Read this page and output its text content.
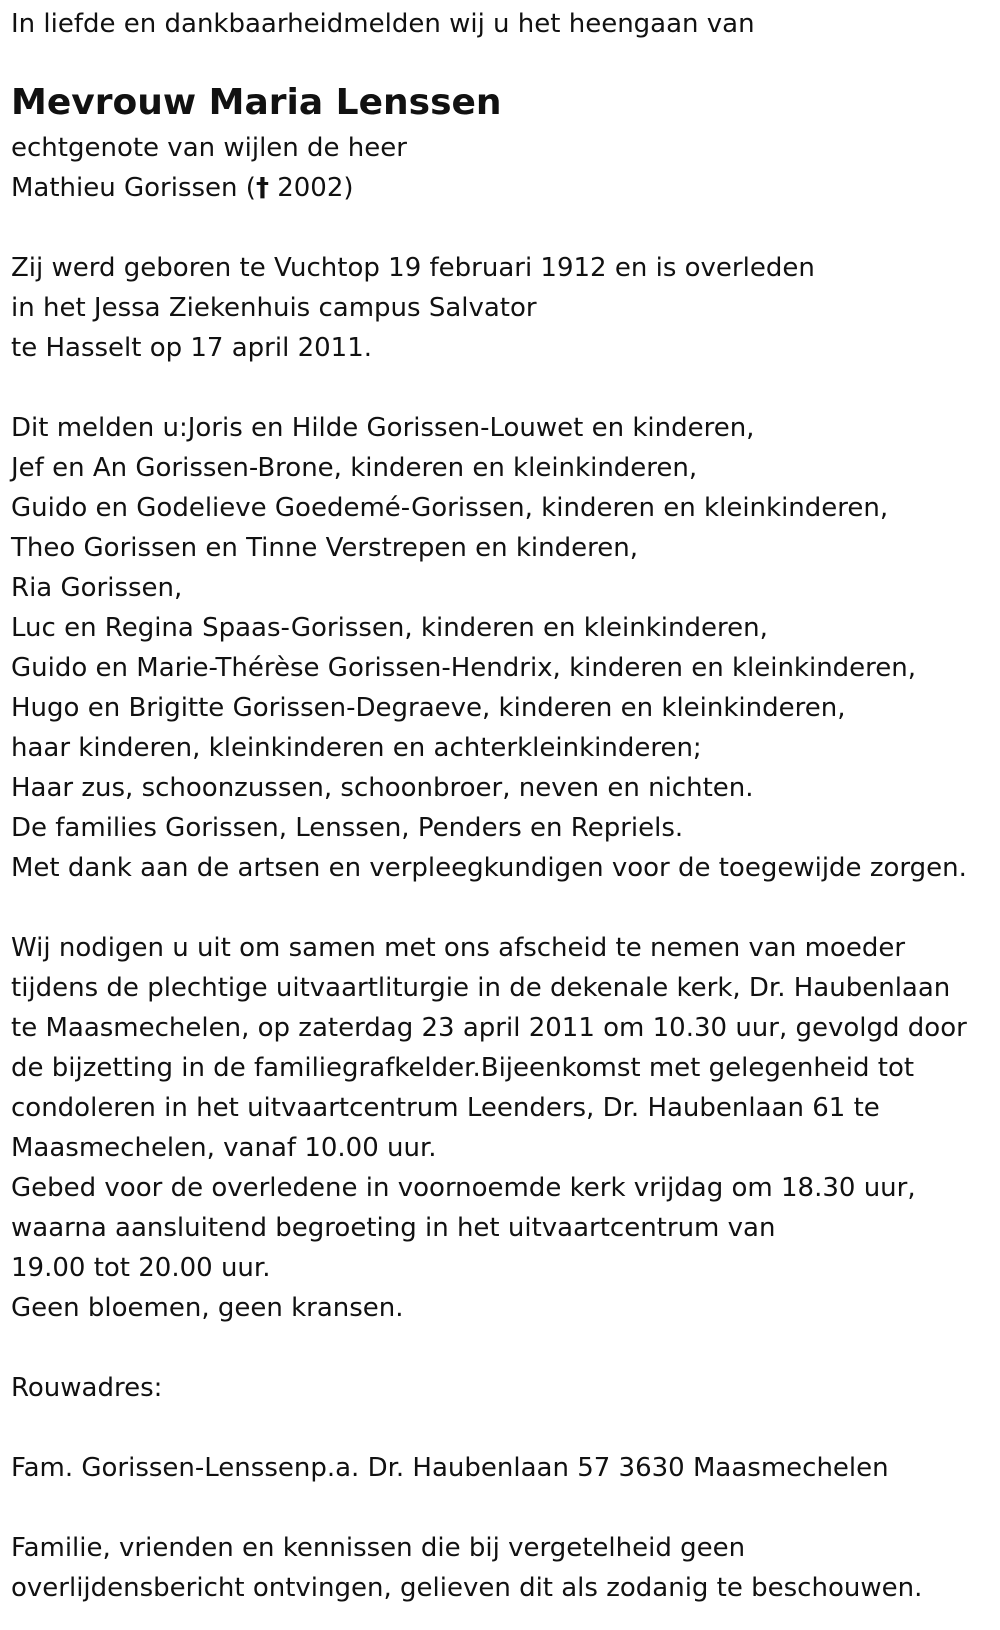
In liefde en dankbaarheidmelden wij u het heengaan van
Mevrouw Maria Lenssen
echtgenote van wijlen de heer
Mathieu Gorissen († 2002)
Zij werd geboren te Vuchtop 19 februari 1912 en is overleden
in het Jessa Ziekenhuis campus Salvator
te Hasselt op 17 april 2011.
Dit melden u:Joris en Hilde Gorissen-Louwet en kinderen,
Jef en An Gorissen-Brone, kinderen en kleinkinderen,
Guido en Godelieve Goedemé-Gorissen, kinderen en kleinkinderen,
Theo Gorissen en Tinne Verstrepen en kinderen,
Ria Gorissen,
Luc en Regina Spaas-Gorissen, kinderen en kleinkinderen,
Guido en Marie-Thérèse Gorissen-Hendrix, kinderen en kleinkinderen,
Hugo en Brigitte Gorissen-Degraeve, kinderen en kleinkinderen,
haar kinderen, kleinkinderen en achterkleinkinderen;
Haar zus, schoonzussen, schoonbroer, neven en nichten.
De families Gorissen, Lenssen, Penders en Repriels.
Met dank aan de artsen en verpleegkundigen voor de toegewijde zorgen.
Wij nodigen u uit om samen met ons afscheid te nemen van moeder
tijdens de plechtige uitvaartliturgie in de dekenale kerk, Dr. Haubenlaan
te Maasmechelen, op zaterdag 23 april 2011 om 10.30 uur, gevolgd door
de bijzetting in de familiegrafkelder.Bijeenkomst met gelegenheid tot
condoleren in het uitvaartcentrum Leenders, Dr. Haubenlaan 61 te
Maasmechelen, vanaf 10.00 uur.
Gebed voor de overledene in voornoemde kerk vrijdag om 18.30 uur,
waarna aansluitend begroeting in het uitvaartcentrum van
19.00 tot 20.00 uur.
Geen bloemen, geen kransen.
Rouwadres:
Fam. Gorissen-Lenssenp.a. Dr. Haubenlaan 57 3630 Maasmechelen
Familie, vrienden en kennissen die bij vergetelheid geen
overlijdensbericht ontvingen, gelieven dit als zodanig te beschouwen.
